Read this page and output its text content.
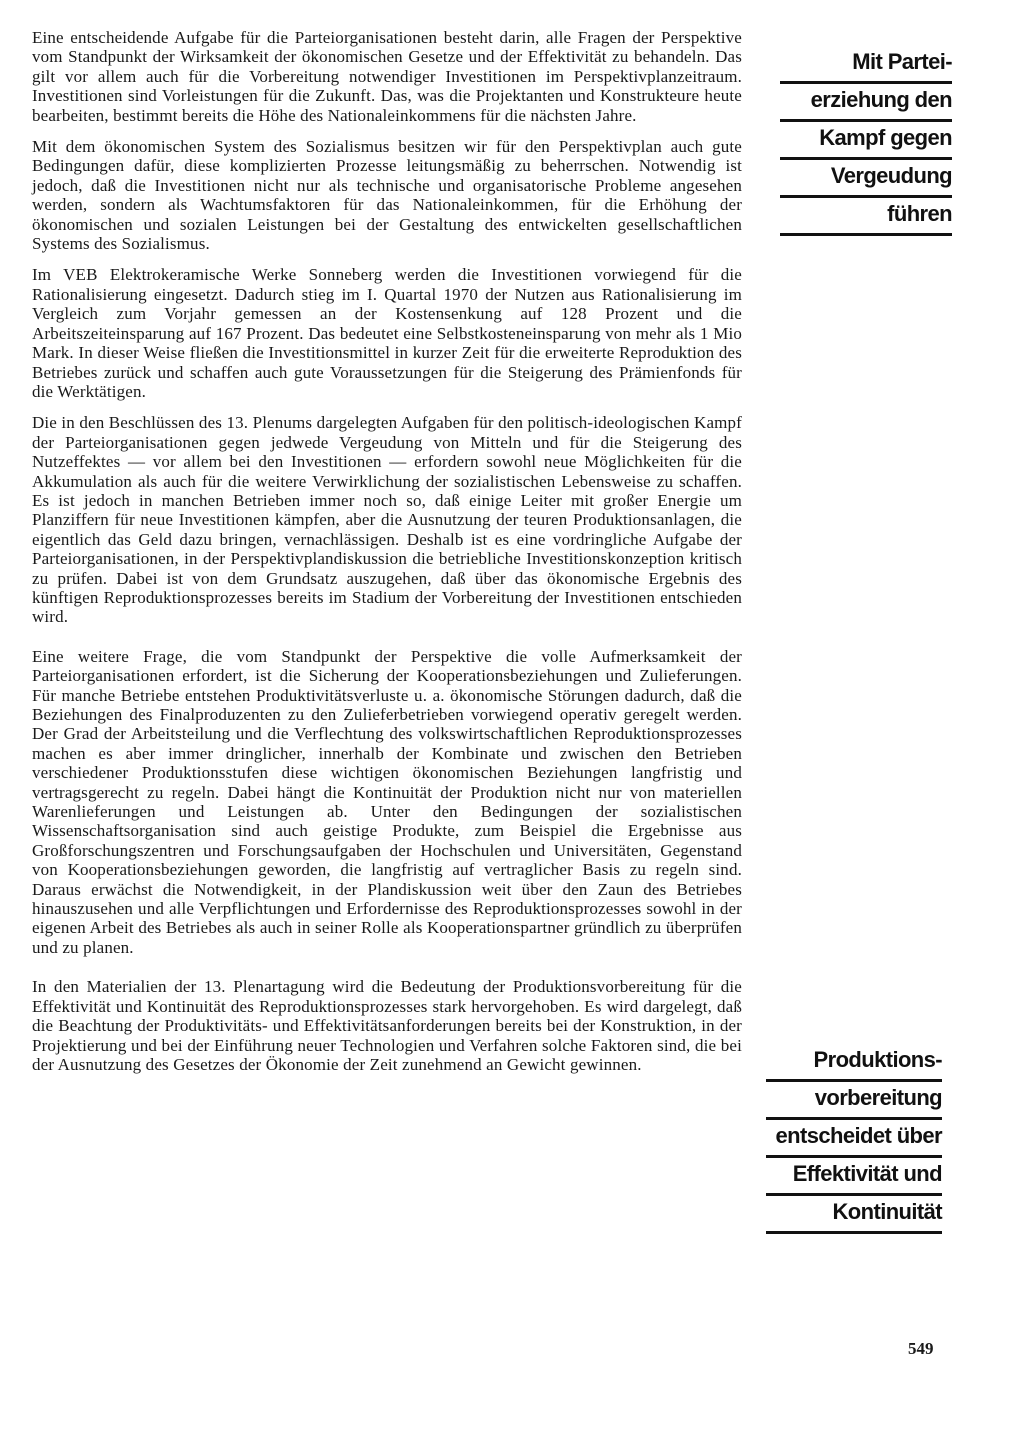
Eine entscheidende Aufgabe für die Parteiorganisationen besteht darin, alle Fragen der Perspektive vom Standpunkt der Wirksamkeit der ökonomischen Gesetze und der Effektivität zu behandeln. Das gilt vor allem auch für die Vorbereitung notwendiger Investitionen im Perspektivplanzeitraum. Investitionen sind Vorleistungen für die Zukunft. Das, was die Projektanten und Konstrukteure heute bearbeiten, bestimmt bereits die Höhe des Nationaleinkommens für die nächsten Jahre.

Mit dem ökonomischen System des Sozialismus besitzen wir für den Perspektivplan auch gute Bedingungen dafür, diese komplizierten Prozesse leitungsmäßig zu beherrschen. Notwendig ist jedoch, daß die Investitionen nicht nur als technische und organisatorische Probleme angesehen werden, sondern als Wachtumsfaktoren für das Nationaleinkommen, für die Erhöhung der ökonomischen und sozialen Leistungen bei der Gestaltung des entwickelten gesellschaftlichen Systems des Sozialismus.

Im VEB Elektrokeramische Werke Sonneberg werden die Investitionen vorwiegend für die Rationalisierung eingesetzt. Dadurch stieg im I. Quartal 1970 der Nutzen aus Rationalisierung im Vergleich zum Vorjahr gemessen an der Kostensenkung auf 128 Prozent und die Arbeitszeiteinsparung auf 167 Prozent. Das bedeutet eine Selbstkosteneinsparung von mehr als 1 Mio Mark. In dieser Weise fließen die Investitionsmittel in kurzer Zeit für die erweiterte Reproduktion des Betriebes zurück und schaffen auch gute Voraussetzungen für die Steigerung des Prämienfonds für die Werktätigen.

Die in den Beschlüssen des 13. Plenums dargelegten Aufgaben für den politisch-ideologischen Kampf der Parteiorganisationen gegen jedwede Vergeudung von Mitteln und für die Steigerung des Nutzeffektes — vor allem bei den Investitionen — erfordern sowohl neue Möglichkeiten für die Akkumulation als auch für die weitere Verwirklichung der sozialistischen Lebensweise zu schaffen. Es ist jedoch in manchen Betrieben immer noch so, daß einige Leiter mit großer Energie um Planziffern für neue Investitionen kämpfen, aber die Ausnutzung der teuren Produktionsanlagen, die eigentlich das Geld dazu bringen, vernachlässigen. Deshalb ist es eine vordringliche Aufgabe der Parteiorganisationen, in der Perspektivplandiskussion die betriebliche Investitionskonzeption kritisch zu prüfen. Dabei ist von dem Grundsatz auszugehen, daß über das ökonomische Ergebnis des künftigen Reproduktionsprozesses bereits im Stadium der Vorbereitung der Investitionen entschieden wird.

Eine weitere Frage, die vom Standpunkt der Perspektive die volle Aufmerksamkeit der Parteiorganisationen erfordert, ist die Sicherung der Kooperationsbeziehungen und Zulieferungen. Für manche Betriebe entstehen Produktivitätsverluste u. a. ökonomische Störungen dadurch, daß die Beziehungen des Finalproduzenten zu den Zulieferbetrieben vorwiegend operativ geregelt werden. Der Grad der Arbeitsteilung und die Verflechtung des volkswirtschaftlichen Reproduktionsprozesses machen es aber immer dringlicher, innerhalb der Kombinate und zwischen den Betrieben verschiedener Produktionsstufen diese wichtigen ökonomischen Beziehungen langfristig und vertragsgerecht zu regeln. Dabei hängt die Kontinuität der Produktion nicht nur von materiellen Warenlieferungen und Leistungen ab. Unter den Bedingungen der sozialistischen Wissenschaftsorganisation sind auch geistige Produkte, zum Beispiel die Ergebnisse aus Großforschungszentren und Forschungsaufgaben der Hochschulen und Universitäten, Gegenstand von Kooperationsbeziehungen geworden, die langfristig auf vertraglicher Basis zu regeln sind. Daraus erwächst die Notwendigkeit, in der Plandiskussion weit über den Zaun des Betriebes hinauszusehen und alle Verpflichtungen und Erfordernisse des Reproduktionsprozesses sowohl in der eigenen Arbeit des Betriebes als auch in seiner Rolle als Kooperationspartner gründlich zu überprüfen und zu planen.

In den Materialien der 13. Plenartagung wird die Bedeutung der Produktionsvorbereitung für die Effektivität und Kontinuität des Reproduktionsprozesses stark hervorgehoben. Es wird dargelegt, daß die Beachtung der Produktivitäts- und Effektivitätsanforderungen bereits bei der Konstruktion, in der Projektierung und bei der Einführung neuer Technologien und Verfahren solche Faktoren sind, die bei der Ausnutzung des Gesetzes der Ökonomie der Zeit zunehmend an Gewicht gewinnen.

Mit Partei-
erziehung den
Kampf gegen
Vergeudung
führen
Produktions-
vorbereitung
entscheidet über
Effektivität und
Kontinuität
549
